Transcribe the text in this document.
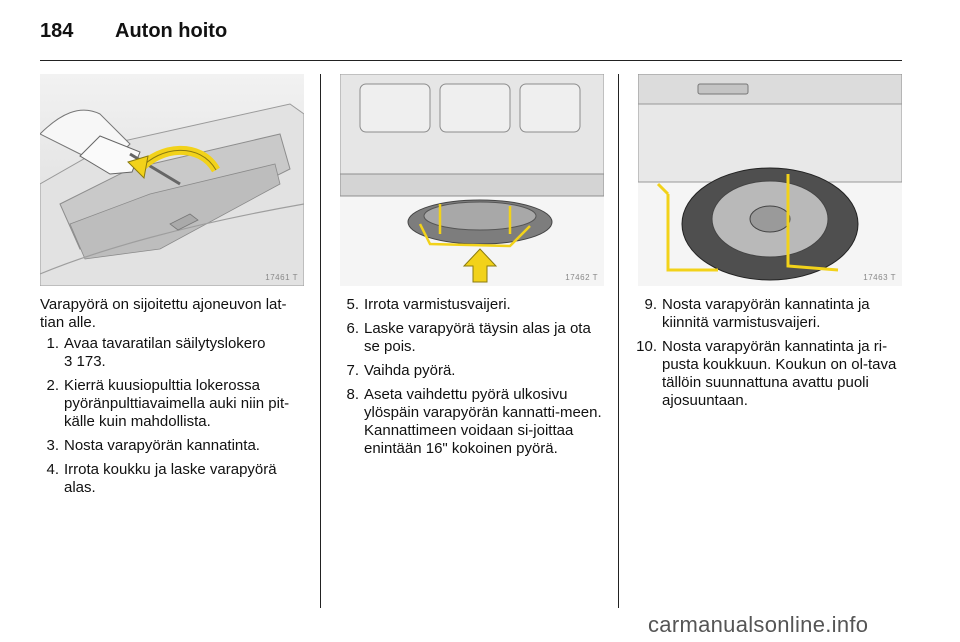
184 Auton hoito
17461 T	17462 T	17463 T

Varapyörä on sijoitettu ajoneuvon lat-tian alle.

1. Avaa tavaratilan säilytyslokero
3 173.
2. Kierrä kuusiopulttia lokerossa pyöränpulttiavaimella auki niin pit-källe kuin mahdollista.
3. Nosta varapyörän kannatinta.
4. Irrota koukku ja laske varapyörä alas.
5. Irrota varmistusvaijeri.
6. Laske varapyörä täysin alas ja ota se pois.
7. Vaihda pyörä.
8. Aseta vaihdettu pyörä ulkosivu ylöspäin varapyörän kannatti-meen. Kannattimeen voidaan si-joittaa enintään 16" kokoinen pyörä.
9. Nosta varapyörän kannatinta ja kiinnitä varmistusvaijeri.
10. Nosta varapyörän kannatinta ja ri-pusta koukkuun. Koukun on ol-tava tällöin suunnattuna avattu puoli ajosuuntaan.
carmanualsonline.info
